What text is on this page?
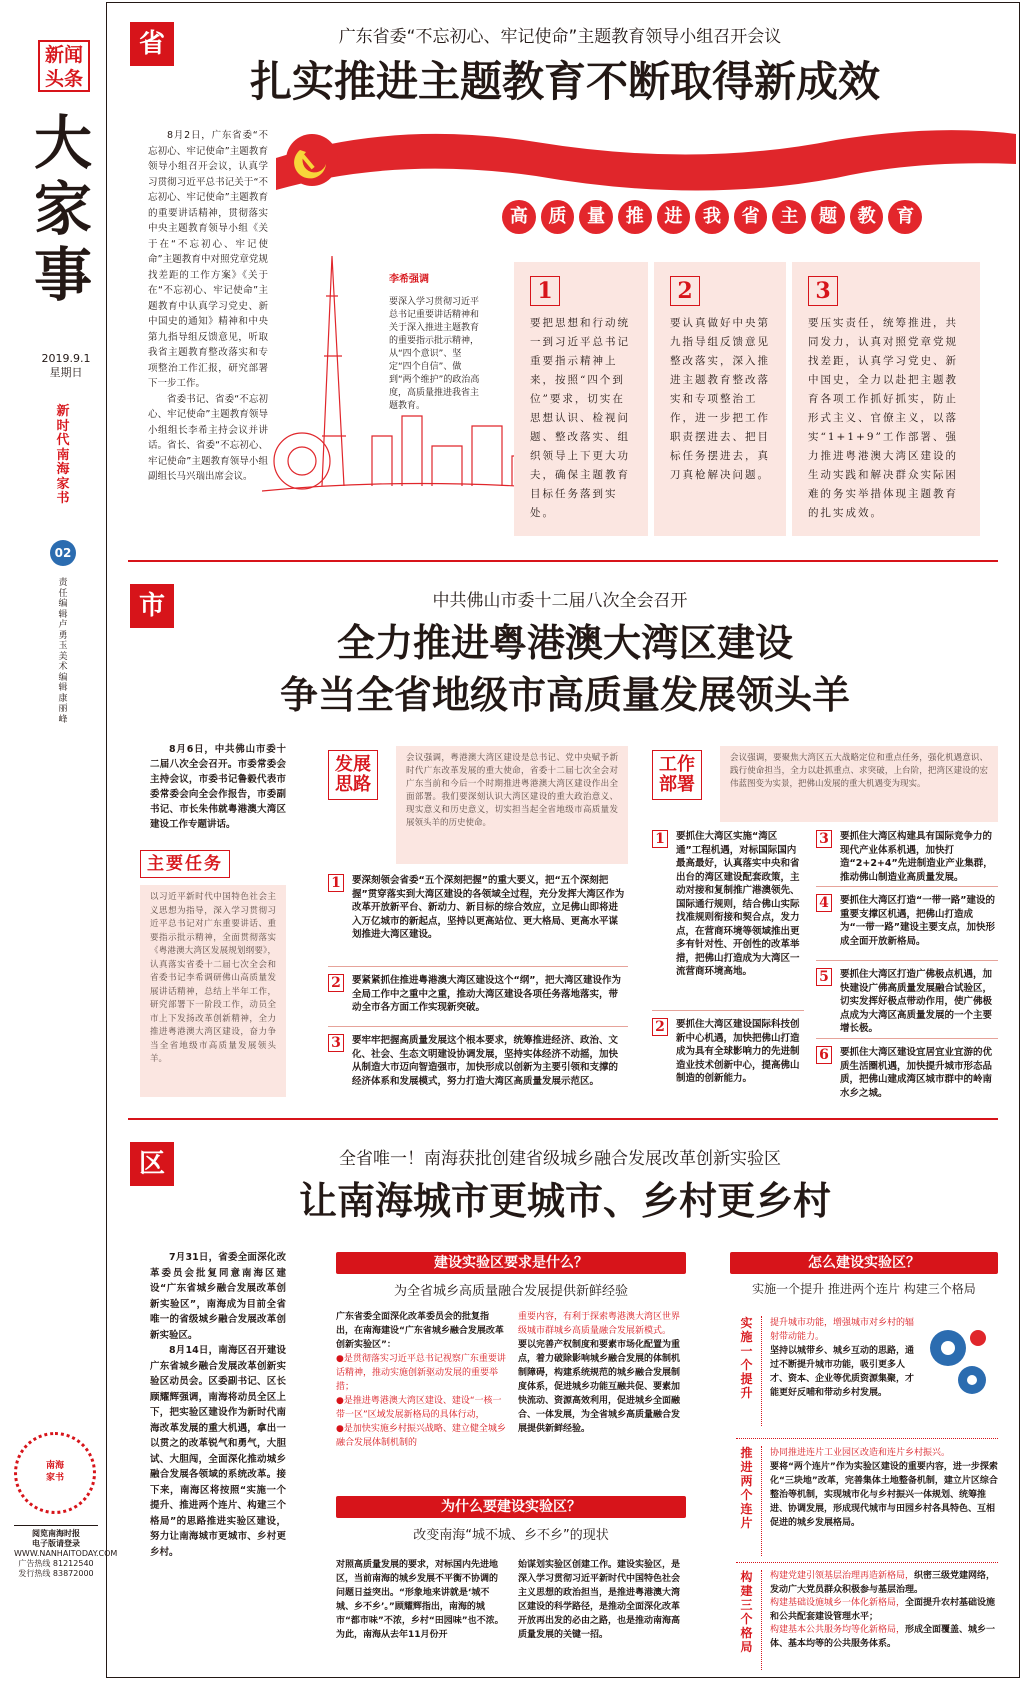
新闻头条
大家事
2019.9.1
星期日
新时代南海家书
02
责任编辑 卢勇玉 美术编辑 康丽峰
南海家书
阅览南海时报
电子版请登录
WWW.NANHAITODAY.COM
广告热线 81212540
发行热线 83872000
省	广东省委“不忘初心、牢记使命”主题教育领导小组召开会议
扎实推进主题教育不断取得新成效

8月2日，广东省委“不忘初心、牢记使命”主题教育领导小组召开会议，认真学习贯彻习近平总书记关于“不忘初心、牢记使命”主题教育的重要讲话精神，贯彻落实中央主题教育领导小组《关于在“不忘初心、牢记使命”主题教育中对照党章党规找差距的工作方案》《关于在“不忘初心、牢记使命”主题教育中认真学习党史、新中国史的通知》精神和中央第九指导组反馈意见，听取我省主题教育整改落实和专项整治工作汇报，研究部署下一步工作。

省委书记、省委“不忘初心、牢记使命”主题教育领导小组组长李希主持会议并讲话。省长、省委“不忘初心、牢记使命”主题教育领导小组副组长马兴瑞出席会议。

高	质	量	推	进	我	省	主	题	教	育
李希强调
要深入学习贯彻习近平总书记重要讲话精神和关于深入推进主题教育的重要指示批示精神，从“四个意识”、坚定“四个自信”、做到“两个维护”的政治高度，高质量推进我省主题教育。
1
要把思想和行动统一到习近平总书记重要指示精神上来，按照“四个到位”要求，切实在思想认识、检视问题、整改落实、组织领导上下更大功夫，确保主题教育目标任务落到实处。
2
要认真做好中央第九指导组反馈意见整改落实，深入推进主题教育整改落实和专项整治工作，进一步把工作职责摆进去、把目标任务摆进去，真刀真枪解决问题。
3
要压实责任，统筹推进，共同发力，认真对照党章党规找差距，认真学习党史、新中国史，全力以赴把主题教育各项工作抓好抓实，防止形式主义、官僚主义，以落实“1+1+9”工作部署、强力推进粤港澳大湾区建设的生动实践和解决群众实际困难的务实举措体现主题教育的扎实成效。
市	中共佛山市委十二届八次全会召开
全力推进粤港澳大湾区建设
争当全省地级市高质量发展领头羊

8月6日，中共佛山市委十二届八次全会召开。市委常委会主持会议，市委书记鲁毅代表市委常委会向全会作报告，市委副书记、市长朱伟就粤港澳大湾区建设工作专题讲话。

主要任务
以习近平新时代中国特色社会主义思想为指导，深入学习贯彻习近平总书记对广东重要讲话、重要指示批示精神，全面贯彻落实《粤港澳大湾区发展规划纲要》，认真落实省委十二届七次全会和省委书记李希调研佛山高质量发展讲话精神，总结上半年工作，研究部署下一阶段工作，动员全市上下发扬改革创新精神，全力推进粤港澳大湾区建设，奋力争当全省地级市高质量发展领头羊。
发展思路
会议强调，粤港澳大湾区建设是总书记、党中央赋予新时代广东改革发展的重大使命，省委十二届七次全会对广东当前和今后一个时期推进粤港澳大湾区建设作出全面部署。我们要深刻认识大湾区建设的重大政治意义、现实意义和历史意义，切实担当起全省地级市高质量发展领头羊的历史使命。
1	要深刻领会省委“五个深刻把握”的重大要义，把“五个深刻把握”贯穿落实到大湾区建设的各领域全过程，充分发挥大湾区作为改革开放新平台、新动力、新目标的综合效应，立足佛山即将进入万亿城市的新起点，坚持以更高站位、更大格局、更高水平谋划推进大湾区建设。
2	要紧紧抓住推进粤港澳大湾区建设这个“纲”，把大湾区建设作为全局工作中之重中之重，推动大湾区建设各项任务落地落实，带动全市各方面工作实现新突破。
3	要牢牢把握高质量发展这个根本要求，统筹推进经济、政治、文化、社会、生态文明建设协调发展，坚持实体经济不动摇，加快从制造大市迈向智造强市，加快形成以创新为主要引领和支撑的经济体系和发展模式，努力打造大湾区高质量发展示范区。
工作部署
会议强调，要聚焦大湾区五大战略定位和重点任务，强化机遇意识、践行使命担当，全力以赴抓重点、求突破，上台阶，把湾区建设的宏伟蓝图变为实景，把佛山发展的重大机遇变为现实。
1	要抓住大湾区实施“湾区通”工程机遇，对标国际国内最高最好，认真落实中央和省出台的湾区建设配套政策，主动对接和复制推广港澳领先、国际通行规则，结合佛山实际找准规则衔接和契合点，发力点，在营商环境等领域推出更多有针对性、开创性的改革举措，把佛山打造成为大湾区一流营商环境高地。
2	要抓住大湾区建设国际科技创新中心机遇，加快把佛山打造成为具有全球影响力的先进制造业技术创新中心，提高佛山制造的创新能力。
3	要抓住大湾区构建具有国际竞争力的现代产业体系机遇，加快打造“2+2+4”先进制造业产业集群，推动佛山制造业高质量发展。
4	要抓住大湾区打造“一带一路”建设的重要支撑区机遇，把佛山打造成为“一带一路”建设主要支点，加快形成全面开放新格局。
5	要抓住大湾区打造广佛极点机遇，加快建设广佛高质量发展融合试验区，切实发挥好极点带动作用，使广佛极点成为大湾区高质量发展的一个主要增长极。
6	要抓住大湾区建设宜居宜业宜游的优质生活圈机遇，加快提升城市形态品质，把佛山建成湾区城市群中的岭南水乡之城。
区	全省唯一！南海获批创建省级城乡融合发展改革创新实验区
让南海城市更城市、乡村更乡村

7月31日，省委全面深化改革委员会批复同意南海区建设“广东省城乡融合发展改革创新实验区”，南海成为目前全省唯一的省级城乡融合发展改革创新实验区。

8月14日，南海区召开建设广东省城乡融合发展改革创新实验区动员会。区委副书记、区长顾耀辉强调，南海将动员全区上下，把实验区建设作为新时代南海改革发展的重大机遇，拿出一以贯之的改革锐气和勇气，大胆试、大胆闯，全面深化推动城乡融合发展各领域的系统改革。接下来，南海区将按照“实施一个提升、推进两个连片、构建三个格局”的思路推进实验区建设，努力让南海城市更城市、乡村更乡村。

建设实验区要求是什么？
为全省城乡高质量融合发展提供新鲜经验
广东省委全面深化改革委员会的批复指出，在南海建设“广东省城乡融合发展改革创新实验区”：
●是贯彻落实习近平总书记视察广东重要讲话精神，推动实施创新驱动发展的重要举措；
●是推进粤港澳大湾区建设、建设“一核一带一区”区域发展新格局的具体行动，
●是加快实施乡村振兴战略、建立健全城乡融合发展体制机制的
重要内容，有利于探索粤港澳大湾区世界级城市群城乡高质量融合发展新模式。
要以完善产权制度和要素市场化配置为重点，着力破除影响城乡融合发展的体制机制障碍，构建系统规范的城乡融合发展制度体系，促进城乡功能互融共促、要素加快流动、资源高效利用，促进城乡全面融合、一体发展，为全省城乡高质量融合发展提供新鲜经验。
为什么要建设实验区？
改变南海“城不城、乡不乡”的现状
对照高质量发展的要求，对标国内先进地区，当前南海的城乡发展不平衡不协调的问题日益突出。“形象地来讲就是‘城不城、乡不乡’。”顾耀辉指出，南海的城市“都市味”不浓，乡村“田园味”也不浓。为此，南海从去年11月份开
始谋划实验区创建工作。建设实验区，是深入学习贯彻习近平新时代中国特色社会主义思想的政治担当，是推进粤港澳大湾区建设的科学路径，是推动全面深化改革开放再出发的必由之路，也是推动南海高质量发展的关键一招。
怎么建设实验区？
实施一个提升 推进两个连片 构建三个格局
实施一个提升
提升城市功能，增强城市对乡村的辐射带动能力。
坚持以城带乡、城乡互动的思路，通过不断提升城市功能，吸引更多人才、资本、企业等优质资源集聚，才能更好反哺和带动乡村发展。
推进两个连片
协同推进连片工业园区改造和连片乡村振兴。
要将“两个连片”作为实验区建设的重要内容，进一步探索化“三块地”改革，完善集体土地整备机制，建立片区综合整治等机制，实现城市化与乡村振兴一体规划、统筹推进、协调发展，形成现代城市与田园乡村各具特色、互相促进的城乡发展格局。
构建三个格局
构建党建引领基层治理再造新格局，织密三级党建网络，发动广大党员群众积极参与基层治理。
构建基础设施城乡一体化新格局，全面提升农村基础设施和公共配套建设管理水平；
构建基本公共服务均等化新格局，形成全面覆盖、城乡一体、基本均等的公共服务体系。
